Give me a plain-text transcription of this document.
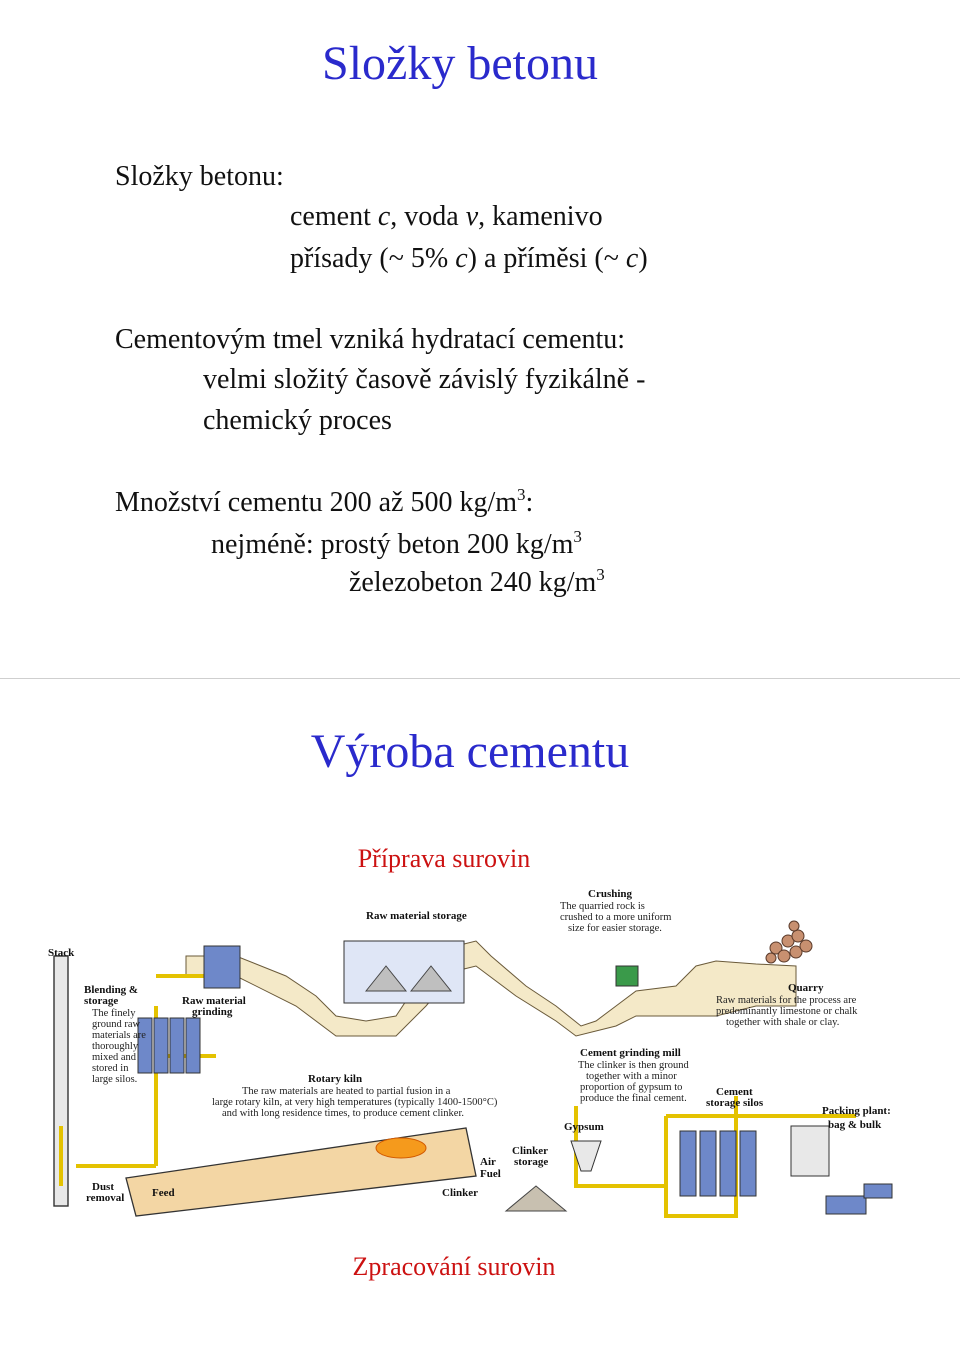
Složky betonu
Složky betonu:
cement c, voda v, kamenivo
přísady (~ 5% c) a příměsi (~ c)
Cementovým tmel vzniká hydratací cementu:
velmi složitý časově závislý fyzikálně -
chemický proces
Množství cementu 200 až 500 $kg/m^3$:
nejméně: prostý beton 200 $kg/m^3$
železobeton 240 $kg/m^3$
Výroba cementu
Příprava surovin
Zpracování surovin
Stack
Blending &
storage
The finely
ground raw
materials are
thoroughly
mixed and
stored in
large silos.
Raw material
grinding
Raw material storage
Crushing
The quarried rock is
crushed to a more uniform
size for easier storage.
Quarry
Raw materials for the process are
predominantly limestone or chalk
together with shale or clay.
Rotary kiln
The raw materials are heated to partial fusion in a
large rotary kiln, at very high temperatures (typically 1400-1500°C)
and with long residence times, to produce cement clinker.
Cement grinding mill
The clinker is then ground
together with a minor
proportion of gypsum to
produce the final cement.
Gypsum
Clinker
storage
Cement
storage silos
Packing plant:
bag & bulk
Air
Fuel
Clinker
Feed
Dust
removal
